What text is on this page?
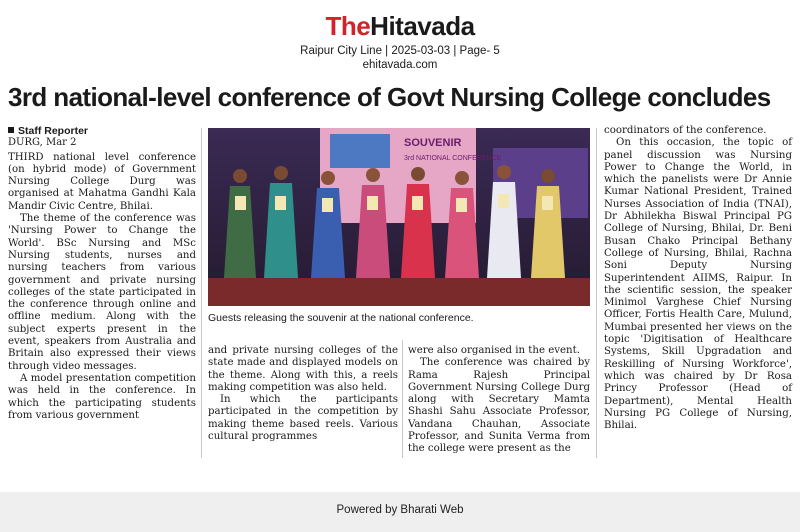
TheHitavada
Raipur City Line | 2025-03-03 | Page- 5
ehitavada.com
3rd national-level conference of Govt Nursing College concludes
Staff Reporter
DURG, Mar 2

THIRD national level conference (on hybrid mode) of Government Nursing College Durg was organised at Mahatma Gandhi Kala Mandir Civic Centre, Bhilai.

The theme of the conference was 'Nursing Power to Change the World'. BSc Nursing and MSc Nursing students, nurses and nursing teachers from various government and private nursing colleges of the state participated in the conference through online and offline medium. Along with the subject experts present in the event, speakers from Australia and Britain also expressed their views through video messages.

A model presentation competition was held in the conference. In which the participating students from various government

SOUVENIR
3rd NATIONAL CONFERENCE
Guests releasing the souvenir at the national conference.

and private nursing colleges of the state made and displayed models on the theme. Along with this, a reels making competition was also held.

In which the participants participated in the competition by making theme based reels. Various cultural programmes

were also organised in the event.

The conference was chaired by Rama Rajesh Principal Government Nursing College Durg along with Secretary Mamta Shashi Sahu Associate Professor, Vandana Chauhan, Associate Professor, and Sunita Verma from the college were present as the

coordinators of the conference.

On this occasion, the topic of panel discussion was Nursing Power to Change the World, in which the panelists were Dr Annie Kumar National President, Trained Nurses Association of India (TNAI), Dr Abhilekha Biswal Principal PG College of Nursing, Bhilai, Dr. Beni Busan Chako Principal Bethany College of Nursing, Bhilai, Rachna Soni Deputy Nursing Superintendent AIIMS, Raipur. In the scientific session, the speaker Minimol Varghese Chief Nursing Officer, Fortis Health Care, Mulund, Mumbai presented her views on the topic 'Digitisation of Healthcare Systems, Skill Upgradation and Reskilling of Nursing Workforce', which was chaired by Dr Rosa Princy Professor (Head of Department), Mental Health Nursing PG College of Nursing, Bhilai.

Powered by Bharati Web
